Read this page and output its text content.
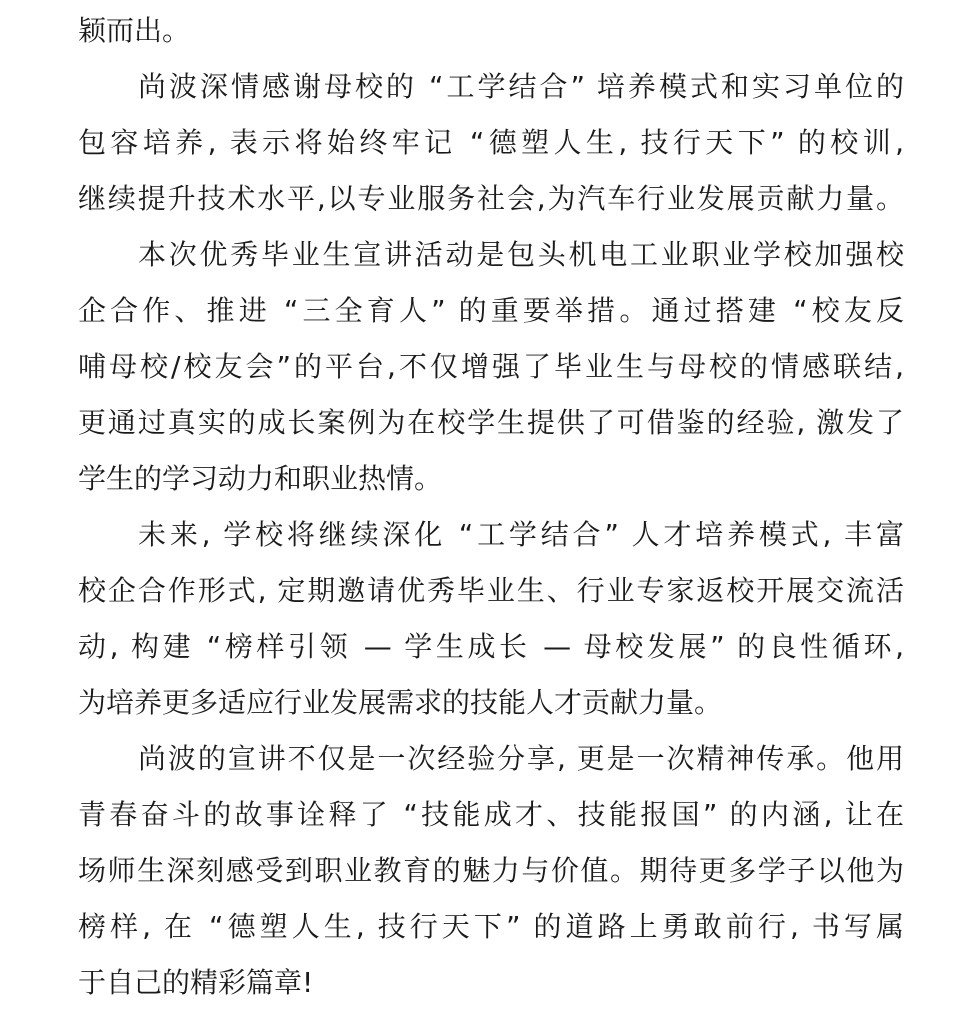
颖而出。
尚波深情感谢母校的 “工学结合” 培养模式和实习单位的
包容培养, 表示将始终牢记 “德塑人生, 技行天下” 的校训,
继续提升技术水平,以专业服务社会,为汽车行业发展贡献力量。
本次优秀毕业生宣讲活动是包头机电工业职业学校加强校
企合作、推进 “三全育人” 的重要举措。通过搭建 “校友反
哺母校/校友会”的平台,不仅增强了毕业生与母校的情感联结,
更通过真实的成长案例为在校学生提供了可借鉴的经验, 激发了
学生的学习动力和职业热情。
未来, 学校将继续深化 “工学结合” 人才培养模式, 丰富
校企合作形式, 定期邀请优秀毕业生、行业专家返校开展交流活
动, 构建 “榜样引领 — 学生成长 — 母校发展” 的良性循环,
为培养更多适应行业发展需求的技能人才贡献力量。
尚波的宣讲不仅是一次经验分享, 更是一次精神传承。他用
青春奋斗的故事诠释了 “技能成才、技能报国” 的内涵, 让在
场师生深刻感受到职业教育的魅力与价值。期待更多学子以他为
榜样, 在 “德塑人生, 技行天下” 的道路上勇敢前行, 书写属
于自己的精彩篇章!
